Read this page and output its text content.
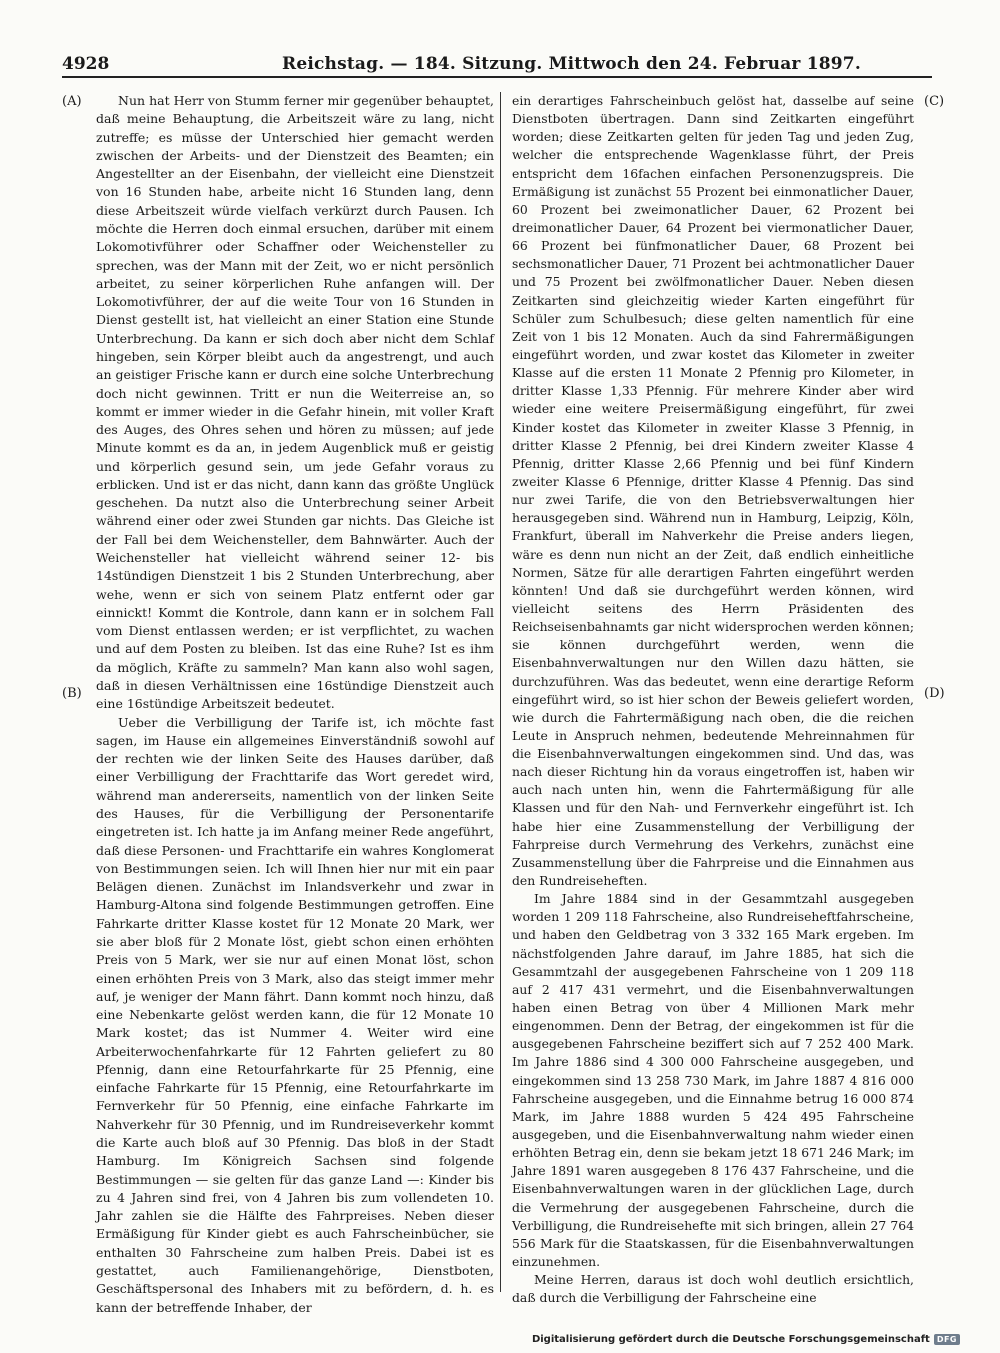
4928	Reichstag. — 184. Sitzung. Mittwoch den 24. Februar 1897.
(A)
(B)
(C)
(D)

Nun hat Herr von Stumm ferner mir gegenüber behauptet, daß meine Behauptung, die Arbeitszeit wäre zu lang, nicht zutreffe; es müsse der Unterschied hier gemacht werden zwischen der Arbeits- und der Dienstzeit des Beamten; ein Angestellter an der Eisenbahn, der vielleicht eine Dienstzeit von 16 Stunden habe, arbeite nicht 16 Stunden lang, denn diese Arbeitszeit würde vielfach verkürzt durch Pausen. Ich möchte die Herren doch einmal ersuchen, darüber mit einem Lokomotivführer oder Schaffner oder Weichensteller zu sprechen, was der Mann mit der Zeit, wo er nicht persönlich arbeitet, zu seiner körperlichen Ruhe anfangen will. Der Lokomotivführer, der auf die weite Tour von 16 Stunden in Dienst gestellt ist, hat vielleicht an einer Station eine Stunde Unterbrechung. Da kann er sich doch aber nicht dem Schlaf hingeben, sein Körper bleibt auch da angestrengt, und auch an geistiger Frische kann er durch eine solche Unterbrechung doch nicht gewinnen. Tritt er nun die Weiterreise an, so kommt er immer wieder in die Gefahr hinein, mit voller Kraft des Auges, des Ohres sehen und hören zu müssen; auf jede Minute kommt es da an, in jedem Augenblick muß er geistig und körperlich gesund sein, um jede Gefahr voraus zu erblicken. Und ist er das nicht, dann kann das größte Unglück geschehen. Da nutzt also die Unterbrechung seiner Arbeit während einer oder zwei Stunden gar nichts. Das Gleiche ist der Fall bei dem Weichensteller, dem Bahnwärter. Auch der Weichensteller hat vielleicht während seiner 12- bis 14stündigen Dienstzeit 1 bis 2 Stunden Unterbrechung, aber wehe, wenn er sich von seinem Platz entfernt oder gar einnickt! Kommt die Kontrole, dann kann er in solchem Fall vom Dienst entlassen werden; er ist verpflichtet, zu wachen und auf dem Posten zu bleiben. Ist das eine Ruhe? Ist es ihm da möglich, Kräfte zu sammeln? Man kann also wohl sagen, daß in diesen Verhältnissen eine 16stündige Dienstzeit auch eine 16stündige Arbeitszeit bedeutet.

Ueber die Verbilligung der Tarife ist, ich möchte fast sagen, im Hause ein allgemeines Einverständniß sowohl auf der rechten wie der linken Seite des Hauses darüber, daß einer Verbilligung der Frachttarife das Wort geredet wird, während man andererseits, namentlich von der linken Seite des Hauses, für die Verbilligung der Personentarife eingetreten ist. Ich hatte ja im Anfang meiner Rede angeführt, daß diese Personen- und Frachttarife ein wahres Konglomerat von Bestimmungen seien. Ich will Ihnen hier nur mit ein paar Belägen dienen. Zunächst im Inlandsverkehr und zwar in Hamburg-Altona sind folgende Bestimmungen getroffen. Eine Fahrkarte dritter Klasse kostet für 12 Monate 20 Mark, wer sie aber bloß für 2 Monate löst, giebt schon einen erhöhten Preis von 5 Mark, wer sie nur auf einen Monat löst, schon einen erhöhten Preis von 3 Mark, also das steigt immer mehr auf, je weniger der Mann fährt. Dann kommt noch hinzu, daß eine Nebenkarte gelöst werden kann, die für 12 Monate 10 Mark kostet; das ist Nummer 4. Weiter wird eine Arbeiterwochenfahrkarte für 12 Fahrten geliefert zu 80 Pfennig, dann eine Retourfahrkarte für 25 Pfennig, eine einfache Fahrkarte für 15 Pfennig, eine Retourfahrkarte im Fernverkehr für 50 Pfennig, eine einfache Fahrkarte im Nahverkehr für 30 Pfennig, und im Rundreiseverkehr kommt die Karte auch bloß auf 30 Pfennig. Das bloß in der Stadt Hamburg. Im Königreich Sachsen sind folgende Bestimmungen — sie gelten für das ganze Land —: Kinder bis zu 4 Jahren sind frei, von 4 Jahren bis zum vollendeten 10. Jahr zahlen sie die Hälfte des Fahrpreises. Neben dieser Ermäßigung für Kinder giebt es auch Fahrscheinbücher, sie enthalten 30 Fahrscheine zum halben Preis. Dabei ist es gestattet, auch Familienangehörige, Dienstboten, Geschäftspersonal des Inhabers mit zu befördern, d. h. es kann der betreffende Inhaber, der

ein derartiges Fahrscheinbuch gelöst hat, dasselbe auf seine Dienstboten übertragen. Dann sind Zeitkarten eingeführt worden; diese Zeitkarten gelten für jeden Tag und jeden Zug, welcher die entsprechende Wagenklasse führt, der Preis entspricht dem 16fachen einfachen Personenzugspreis. Die Ermäßigung ist zunächst 55 Prozent bei einmonatlicher Dauer, 60 Prozent bei zweimonatlicher Dauer, 62 Prozent bei dreimonatlicher Dauer, 64 Prozent bei viermonatlicher Dauer, 66 Prozent bei fünfmonatlicher Dauer, 68 Prozent bei sechsmonatlicher Dauer, 71 Prozent bei achtmonatlicher Dauer und 75 Prozent bei zwölfmonatlicher Dauer. Neben diesen Zeitkarten sind gleichzeitig wieder Karten eingeführt für Schüler zum Schulbesuch; diese gelten namentlich für eine Zeit von 1 bis 12 Monaten. Auch da sind Fahrermäßigungen eingeführt worden, und zwar kostet das Kilometer in zweiter Klasse auf die ersten 11 Monate 2 Pfennig pro Kilometer, in dritter Klasse 1,33 Pfennig. Für mehrere Kinder aber wird wieder eine weitere Preisermäßigung eingeführt, für zwei Kinder kostet das Kilometer in zweiter Klasse 3 Pfennig, in dritter Klasse 2 Pfennig, bei drei Kindern zweiter Klasse 4 Pfennig, dritter Klasse 2,66 Pfennig und bei fünf Kindern zweiter Klasse 6 Pfennige, dritter Klasse 4 Pfennig. Das sind nur zwei Tarife, die von den Betriebsverwaltungen hier herausgegeben sind. Während nun in Hamburg, Leipzig, Köln, Frankfurt, überall im Nahverkehr die Preise anders liegen, wäre es denn nun nicht an der Zeit, daß endlich einheitliche Normen, Sätze für alle derartigen Fahrten eingeführt werden könnten! Und daß sie durchgeführt werden können, wird vielleicht seitens des Herrn Präsidenten des Reichseisenbahnamts gar nicht widersprochen werden können; sie können durchgeführt werden, wenn die Eisenbahnverwaltungen nur den Willen dazu hätten, sie durchzuführen. Was das bedeutet, wenn eine derartige Reform eingeführt wird, so ist hier schon der Beweis geliefert worden, wie durch die Fahrtermäßigung nach oben, die die reichen Leute in Anspruch nehmen, bedeutende Mehreinnahmen für die Eisenbahnverwaltungen eingekommen sind. Und das, was nach dieser Richtung hin da voraus eingetroffen ist, haben wir auch nach unten hin, wenn die Fahrtermäßigung für alle Klassen und für den Nah- und Fernverkehr eingeführt ist. Ich habe hier eine Zusammenstellung der Verbilligung der Fahrpreise durch Vermehrung des Verkehrs, zunächst eine Zusammenstellung über die Fahrpreise und die Einnahmen aus den Rundreiseheften.

Im Jahre 1884 sind in der Gesammtzahl ausgegeben worden 1 209 118 Fahrscheine, also Rundreiseheftfahrscheine, und haben den Geldbetrag von 3 332 165 Mark ergeben. Im nächstfolgenden Jahre darauf, im Jahre 1885, hat sich die Gesammtzahl der ausgegebenen Fahrscheine von 1 209 118 auf 2 417 431 vermehrt, und die Eisenbahnverwaltungen haben einen Betrag von über 4 Millionen Mark mehr eingenommen. Denn der Betrag, der eingekommen ist für die ausgegebenen Fahrscheine beziffert sich auf 7 252 400 Mark. Im Jahre 1886 sind 4 300 000 Fahrscheine ausgegeben, und eingekommen sind 13 258 730 Mark, im Jahre 1887 4 816 000 Fahrscheine ausgegeben, und die Einnahme betrug 16 000 874 Mark, im Jahre 1888 wurden 5 424 495 Fahrscheine ausgegeben, und die Eisenbahnverwaltung nahm wieder einen erhöhten Betrag ein, denn sie bekam jetzt 18 671 246 Mark; im Jahre 1891 waren ausgegeben 8 176 437 Fahrscheine, und die Eisenbahnverwaltungen waren in der glücklichen Lage, durch die Vermehrung der ausgegebenen Fahrscheine, durch die Verbilligung, die Rundreisehefte mit sich bringen, allein 27 764 556 Mark für die Staatskassen, für die Eisenbahnverwaltungen einzunehmen.

Meine Herren, daraus ist doch wohl deutlich ersichtlich, daß durch die Verbilligung der Fahrscheine eine

Digitalisierung gefördert durch die Deutsche Forschungsgemeinschaft DFG
